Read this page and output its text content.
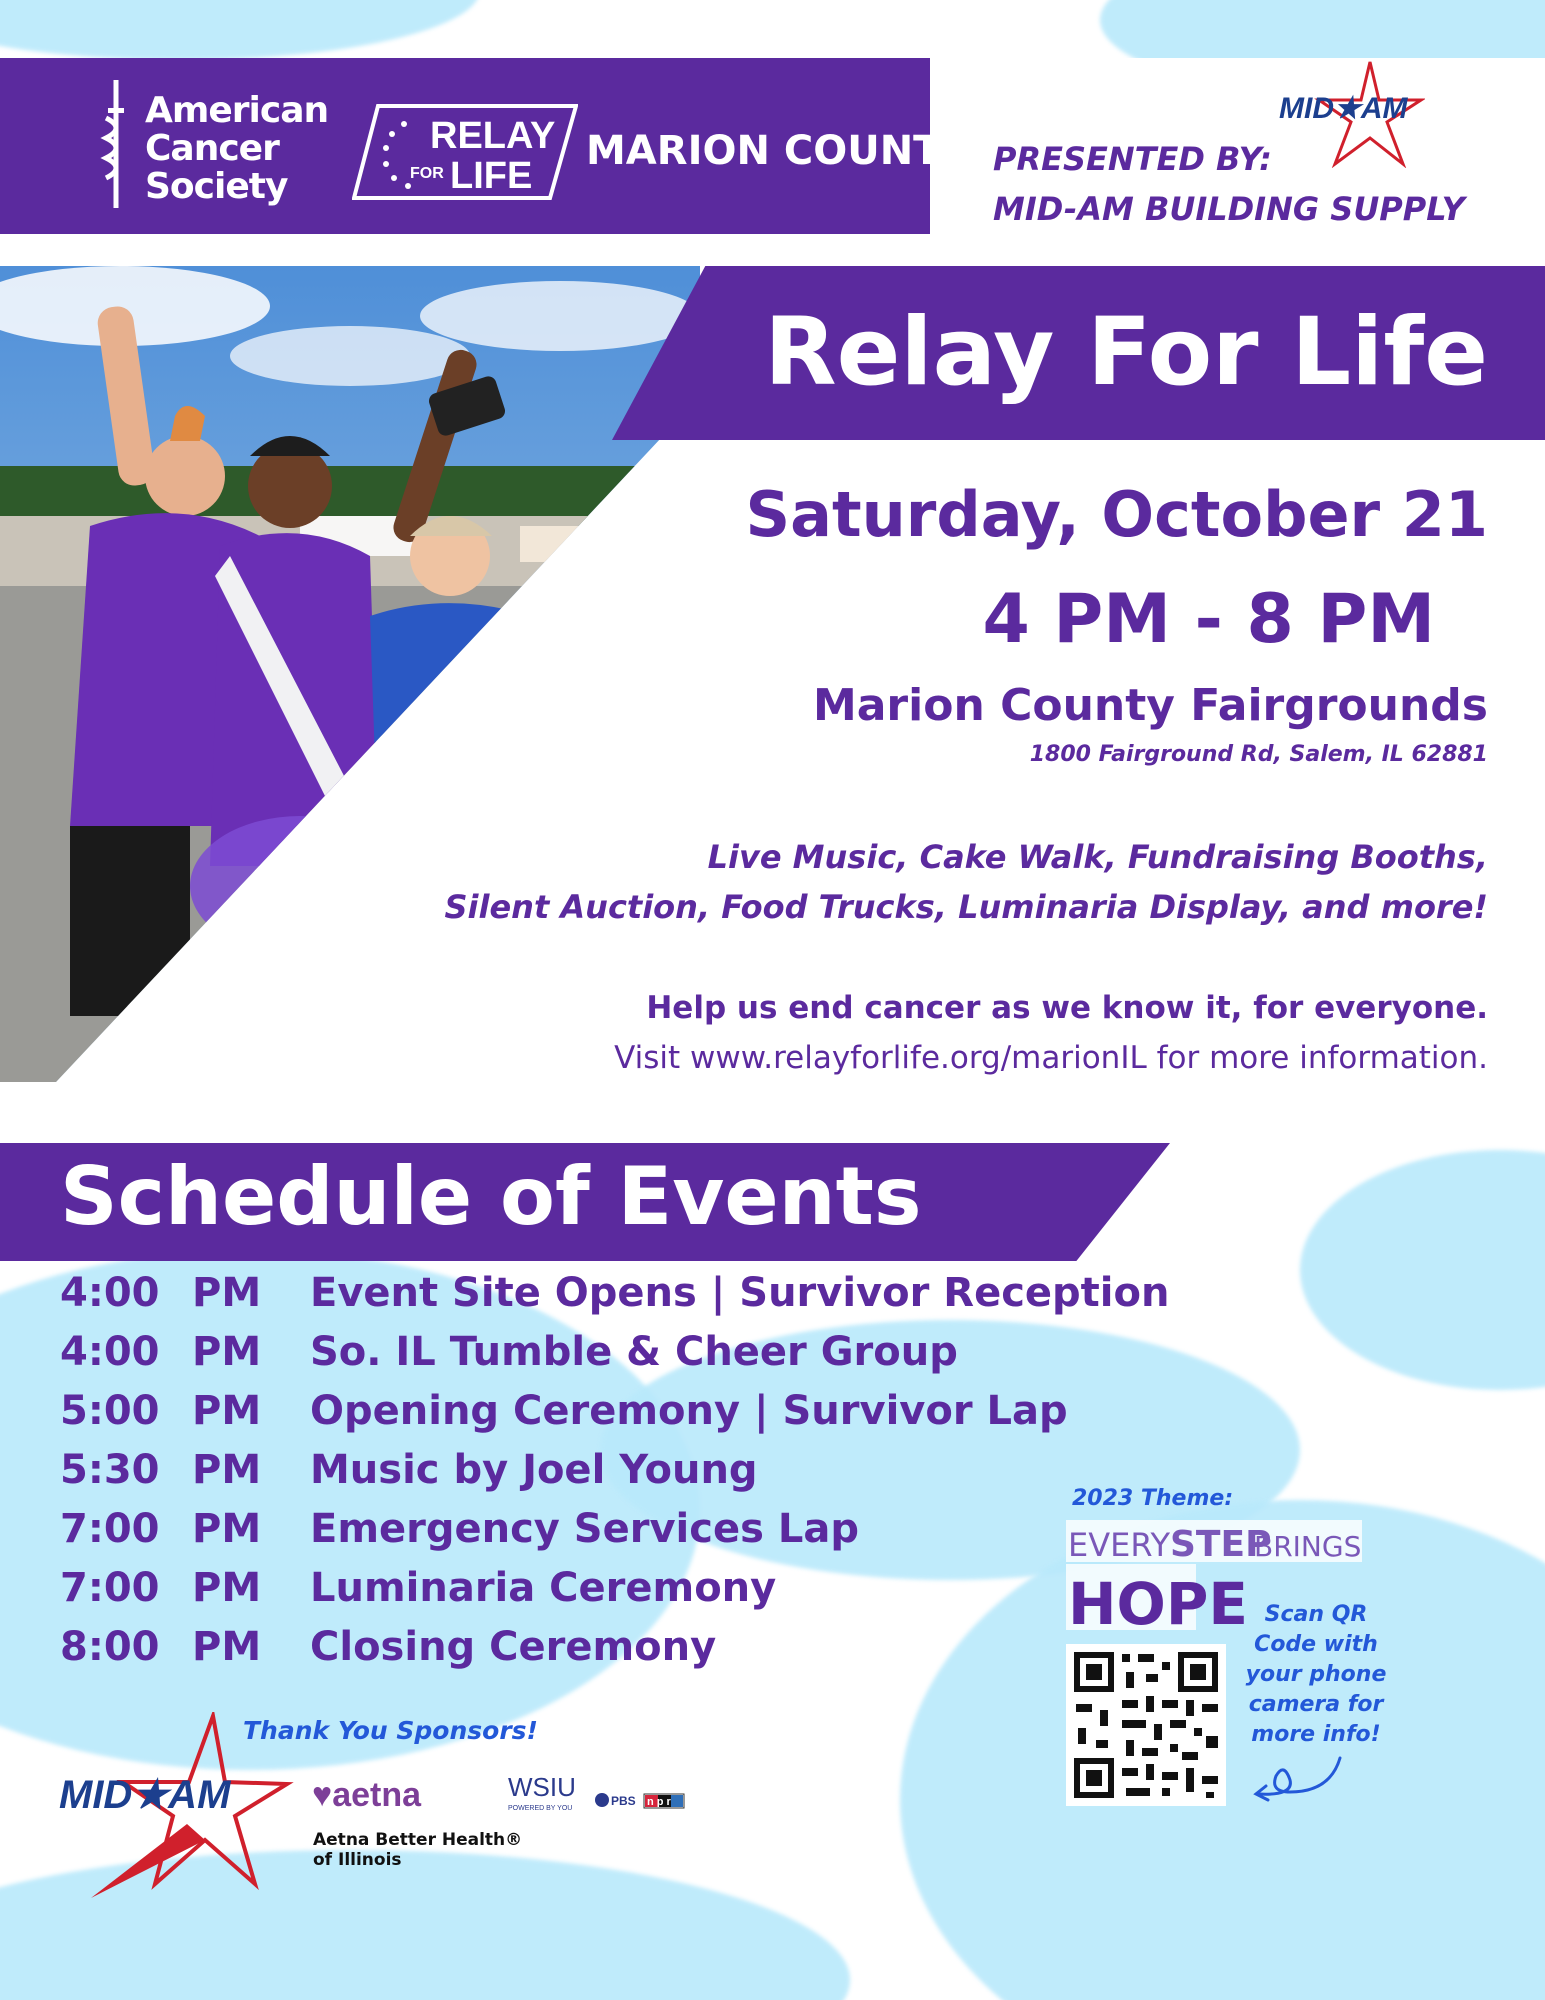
American
Cancer
Society
RELAY
FOR LIFE
MARION COUNTY PRESENTED BY:
MID-AM BUILDING SUPPLY
MID★AM
Relay For Life
Saturday, October 21
4 PM - 8 PM
Marion County Fairgrounds
1800 Fairground Rd, Salem, IL 62881
Live Music, Cake Walk, Fundraising Booths,
Silent Auction, Food Trucks, Luminaria Display, and more!
Help us end cancer as we know it, for everyone.
Visit www.relayforlife.org/marionIL for more information.
Schedule of Events
4:00 PM Event Site Opens | Survivor Reception
4:00 PM So. IL Tumble & Cheer Group
5:00 PM Opening Ceremony | Survivor Lap
5:30 PM Music by Joel Young
7:00 PM Emergency Services Lap
7:00 PM Luminaria Ceremony
8:00 PM Closing Ceremony
2023 Theme:
EVERY STEP
BRINGS
HOPE Scan QR
Code with
your phone
camera for
more info!
Thank You Sponsors!
MID★AM ♥aetna
Aetna Better Health®
of Illinois
WSIU
POWERED BY YOU
PBS npr
